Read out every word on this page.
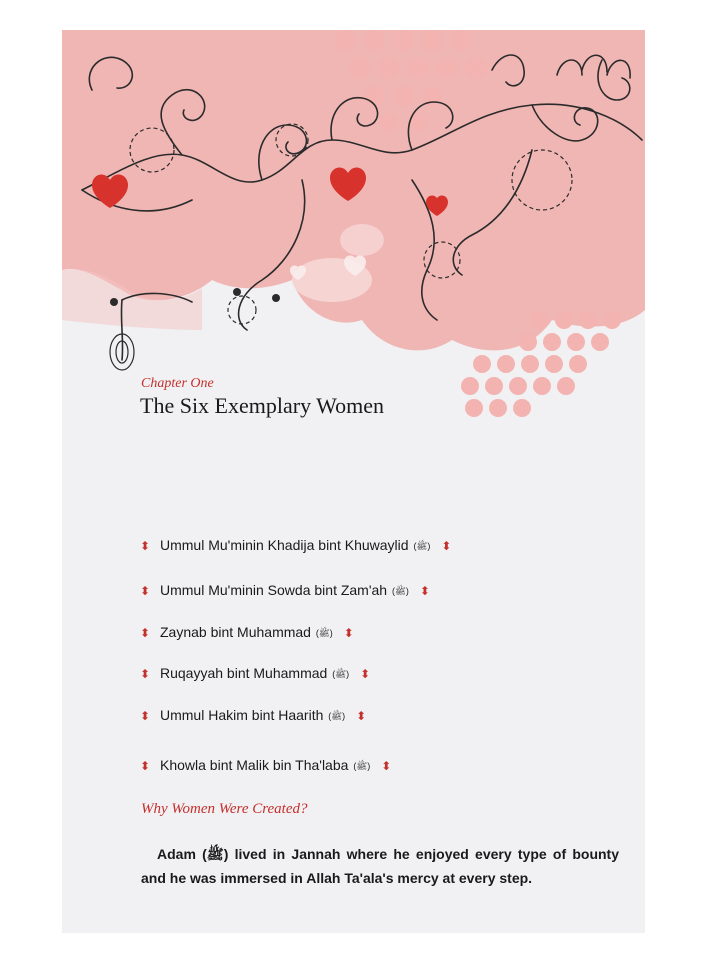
Chapter One

The Six Exemplary Women
⬍ Ummul Mu'minin Khadija bint Khuwaylid (ﷺ) ⬍
⬍ Ummul Mu'minin Sowda bint Zam'ah (ﷺ) ⬍
⬍ Zaynab bint Muhammad (ﷺ) ⬍
⬍ Ruqayyah bint Muhammad (ﷺ) ⬍
⬍ Ummul Hakim bint Haarith (ﷺ) ⬍
⬍ Khowla bint Malik bin Tha'laba (ﷺ) ⬍

Why Women Were Created?

Adam (ﷺ) lived in Jannah where he enjoyed every type of bounty and he was immersed in Allah Ta'ala's mercy at every step.
